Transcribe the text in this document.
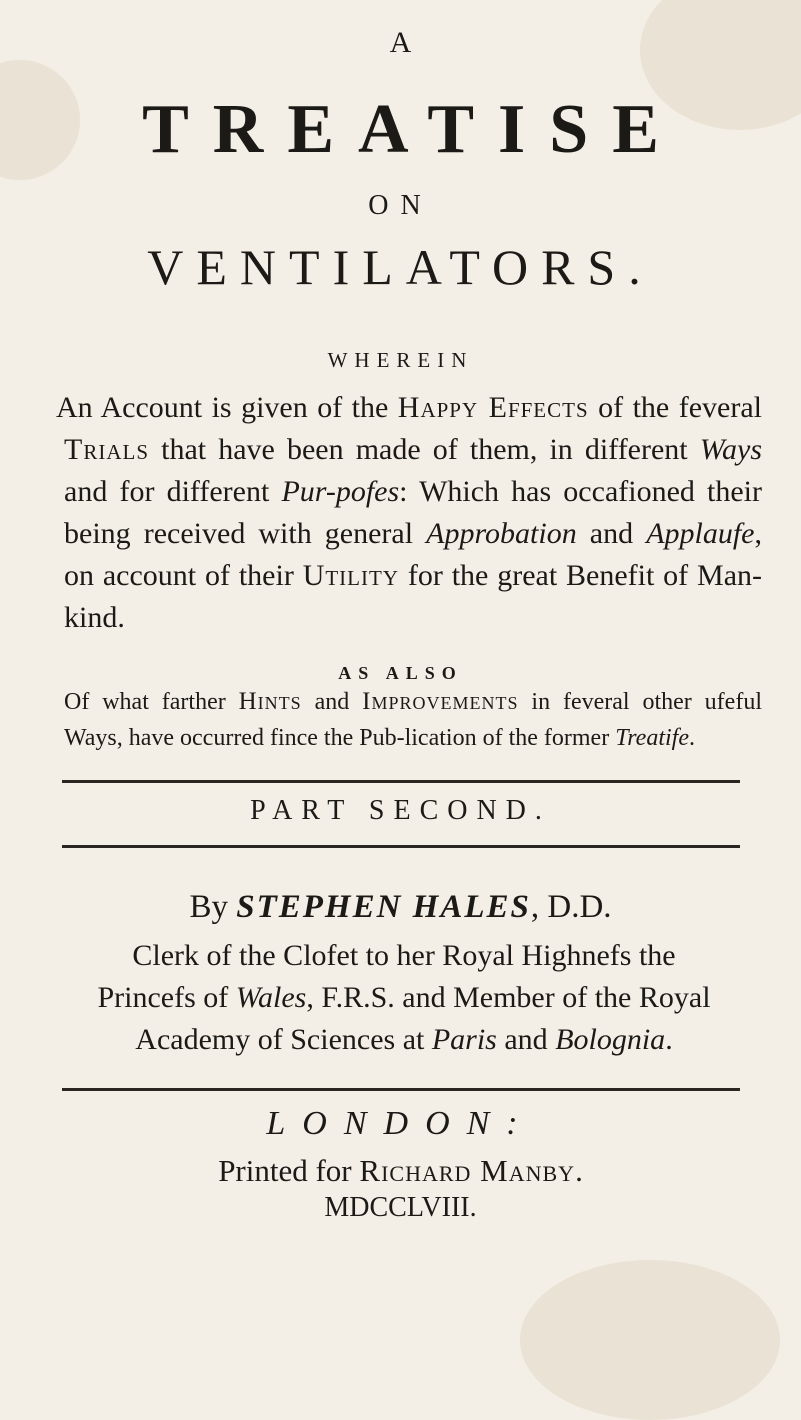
A
TREATISE
ON
VENTILATORS.
WHEREIN
An Account is given of the Happy Effects of the feveral Trials that have been made of them, in different Ways and for different Pur-pofes: Which has occafioned their being received with general Approbation and Applaufe, on account of their Utility for the great Benefit of Man-kind.
AS ALSO
Of what farther Hints and Improvements in feveral other ufeful Ways, have occurred fince the Pub-lication of the former Treatife.
PART SECOND.
By STEPHEN HALES, D.D.
Clerk of the Clofet to her Royal Highnefs the Princefs of Wales, F.R.S. and Member of the Royal Academy of Sciences at Paris and Bolognia.
LONDON:
Printed for Richard Manby.
MDCCLVIII.
